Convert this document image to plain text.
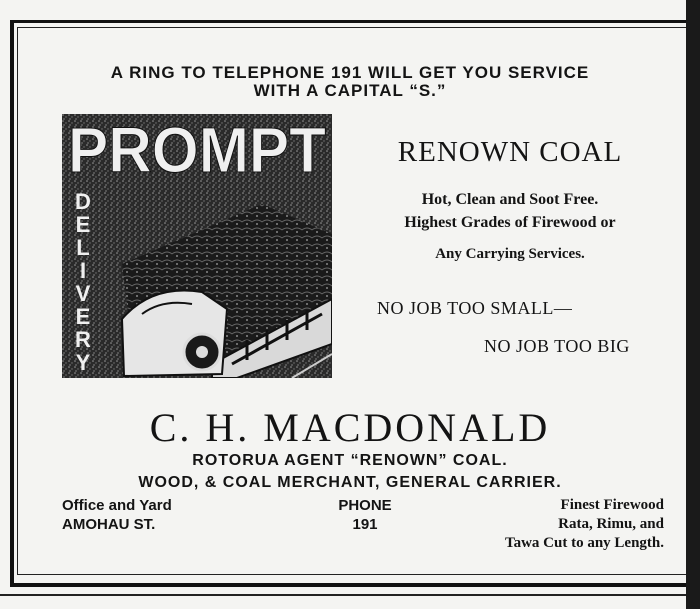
A RING TO TELEPHONE 191 WILL GET YOU SERVICE
WITH A CAPITAL “S.”
PROMPT
D
E
L
I
V
E
R
Y
RENOWN COAL
Hot, Clean and Soot Free.
Highest Grades of Firewood or
Any Carrying Services.
NO JOB TOO SMALL—
NO JOB TOO BIG
C. H. MACDONALD
ROTORUA AGENT “RENOWN” COAL.
WOOD, & COAL MERCHANT, GENERAL CARRIER.
Office and Yard
AMOHAU ST.
PHONE
191
Finest Firewood
Rata, Rimu, and
Tawa Cut to any Length.
